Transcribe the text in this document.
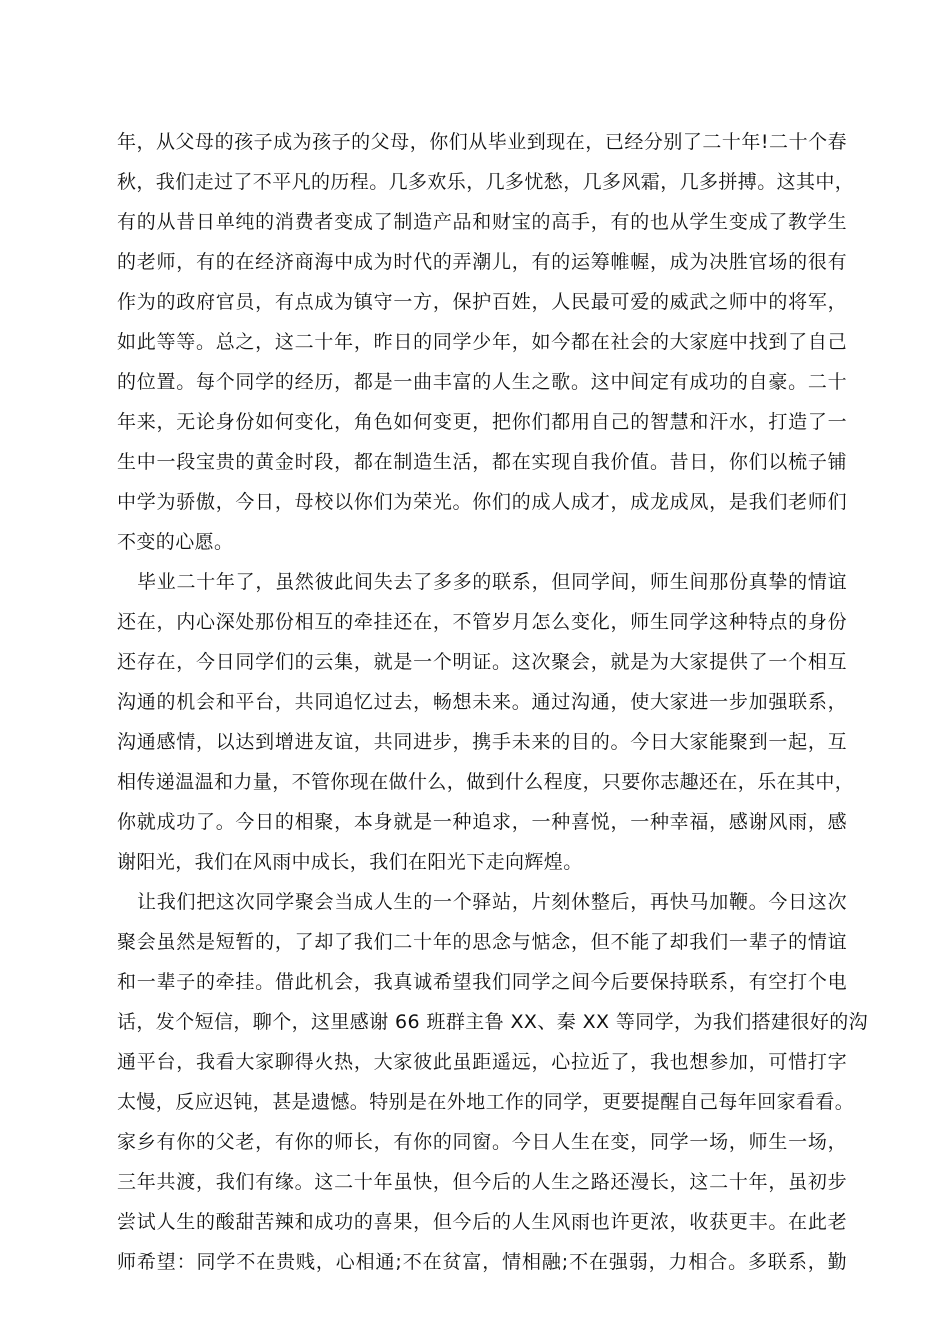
年，从父母的孩子成为孩子的父母，你们从毕业到现在，已经分别了二十年!二十个春
秋，我们走过了不平凡的历程。几多欢乐，几多忧愁，几多风霜，几多拼搏。这其中，
有的从昔日单纯的消费者变成了制造产品和财宝的高手，有的也从学生变成了教学生
的老师，有的在经济商海中成为时代的弄潮儿，有的运筹帷幄，成为决胜官场的很有
作为的政府官员，有点成为镇守一方，保护百姓，人民最可爱的威武之师中的将军，
如此等等。总之，这二十年，昨日的同学少年，如今都在社会的大家庭中找到了自己
的位置。每个同学的经历，都是一曲丰富的人生之歌。这中间定有成功的自豪。二十
年来，无论身份如何变化，角色如何变更，把你们都用自己的智慧和汗水，打造了一
生中一段宝贵的黄金时段，都在制造生活，都在实现自我价值。昔日，你们以梳子铺
中学为骄傲，今日，母校以你们为荣光。你们的成人成才，成龙成凤，是我们老师们
不变的心愿。
毕业二十年了，虽然彼此间失去了多多的联系，但同学间，师生间那份真挚的情谊
还在，内心深处那份相互的牵挂还在，不管岁月怎么变化，师生同学这种特点的身份
还存在，今日同学们的云集，就是一个明证。这次聚会，就是为大家提供了一个相互
沟通的机会和平台，共同追忆过去，畅想未来。通过沟通，使大家进一步加强联系，
沟通感情，以达到增进友谊，共同进步，携手未来的目的。今日大家能聚到一起，互
相传递温温和力量，不管你现在做什么，做到什么程度，只要你志趣还在，乐在其中，
你就成功了。今日的相聚，本身就是一种追求，一种喜悦，一种幸福，感谢风雨，感
谢阳光，我们在风雨中成长，我们在阳光下走向辉煌。
让我们把这次同学聚会当成人生的一个驿站，片刻休整后，再快马加鞭。今日这次
聚会虽然是短暂的，了却了我们二十年的思念与惦念，但不能了却我们一辈子的情谊
和一辈子的牵挂。借此机会，我真诚希望我们同学之间今后要保持联系，有空打个电
话，发个短信，聊个，这里感谢 66 班群主鲁 XX、秦 XX 等同学，为我们搭建很好的沟
通平台，我看大家聊得火热，大家彼此虽距遥远，心拉近了，我也想参加，可惜打字
太慢，反应迟钝，甚是遗憾。特别是在外地工作的同学，更要提醒自己每年回家看看。
家乡有你的父老，有你的师长，有你的同窗。今日人生在变，同学一场，师生一场，
三年共渡，我们有缘。这二十年虽快，但今后的人生之路还漫长，这二十年，虽初步
尝试人生的酸甜苦辣和成功的喜果，但今后的人生风雨也许更浓，收获更丰。在此老
师希望：同学不在贵贱，心相通;不在贫富，情相融;不在强弱，力相合。多联系，勤
